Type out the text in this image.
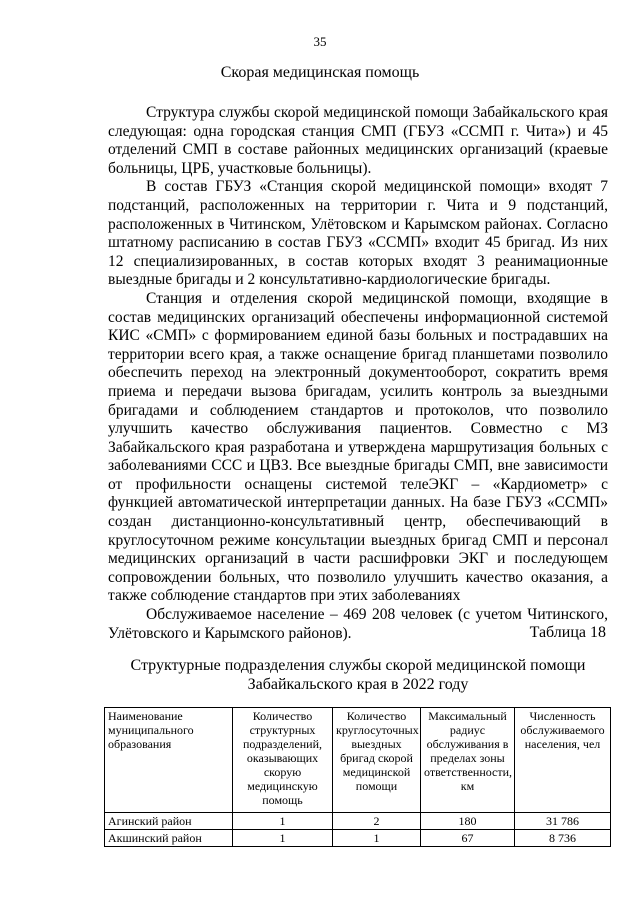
35
Скорая медицинская помощь

Структура службы скорой медицинской помощи Забайкальского края следующая: одна городская станция СМП (ГБУЗ «ССМП г. Чита») и 45 отделений СМП в составе районных медицинских организаций (краевые больницы, ЦРБ, участковые больницы).

В состав ГБУЗ «Станция скорой медицинской помощи» входят 7 подстанций, расположенных на территории г. Чита и 9 подстанций, расположенных в Читинском, Улётовском и Карымском районах. Согласно штатному расписанию в состав ГБУЗ «ССМП» входит 45 бригад. Из них 12 специализированных, в состав которых входят 3 реанимационные выездные бригады и 2 консультативно-кардиологические бригады.

Станция и отделения скорой медицинской помощи, входящие в состав медицинских организаций обеспечены информационной системой КИС «СМП» с формированием единой базы больных и пострадавших на территории всего края, а также оснащение бригад планшетами позволило обеспечить переход на электронный документооборот, сократить время приема и передачи вызова бригадам, усилить контроль за выездными бригадами и соблюдением стандартов и протоколов, что позволило улучшить качество обслуживания пациентов. Совместно с МЗ Забайкальского края разработана и утверждена маршрутизация больных с заболеваниями ССС и ЦВЗ. Все выездные бригады СМП, вне зависимости от профильности оснащены системой телеЭКГ – «Кардиометр» с функцией автоматической интерпретации данных. На базе ГБУЗ «ССМП» создан дистанционно-консультативный центр, обеспечивающий в круглосуточном режиме консультации выездных бригад СМП и персонал медицинских организаций в части расшифровки ЭКГ и последующем сопровождении больных, что позволило улучшить качество оказания, а также соблюдение стандартов при этих заболеваниях

Обслуживаемое население – 469 208 человек (с учетом Читинского, Улётовского и Карымского районов).	Таблица 18
Структурные подразделения службы скорой медицинской помощи Забайкальского края в 2022 году
Наименование муниципального образования	Количество структурных подразделений, оказывающих скорую медицинскую помощь	Количество круглосуточных выездных бригад скорой медицинской помощи	Максимальный радиус обслуживания в пределах зоны ответственности, км	Численность обслуживаемого населения, чел
Агинский район	1	2	180	31 786
Акшинский район	1	1	67	8 736
